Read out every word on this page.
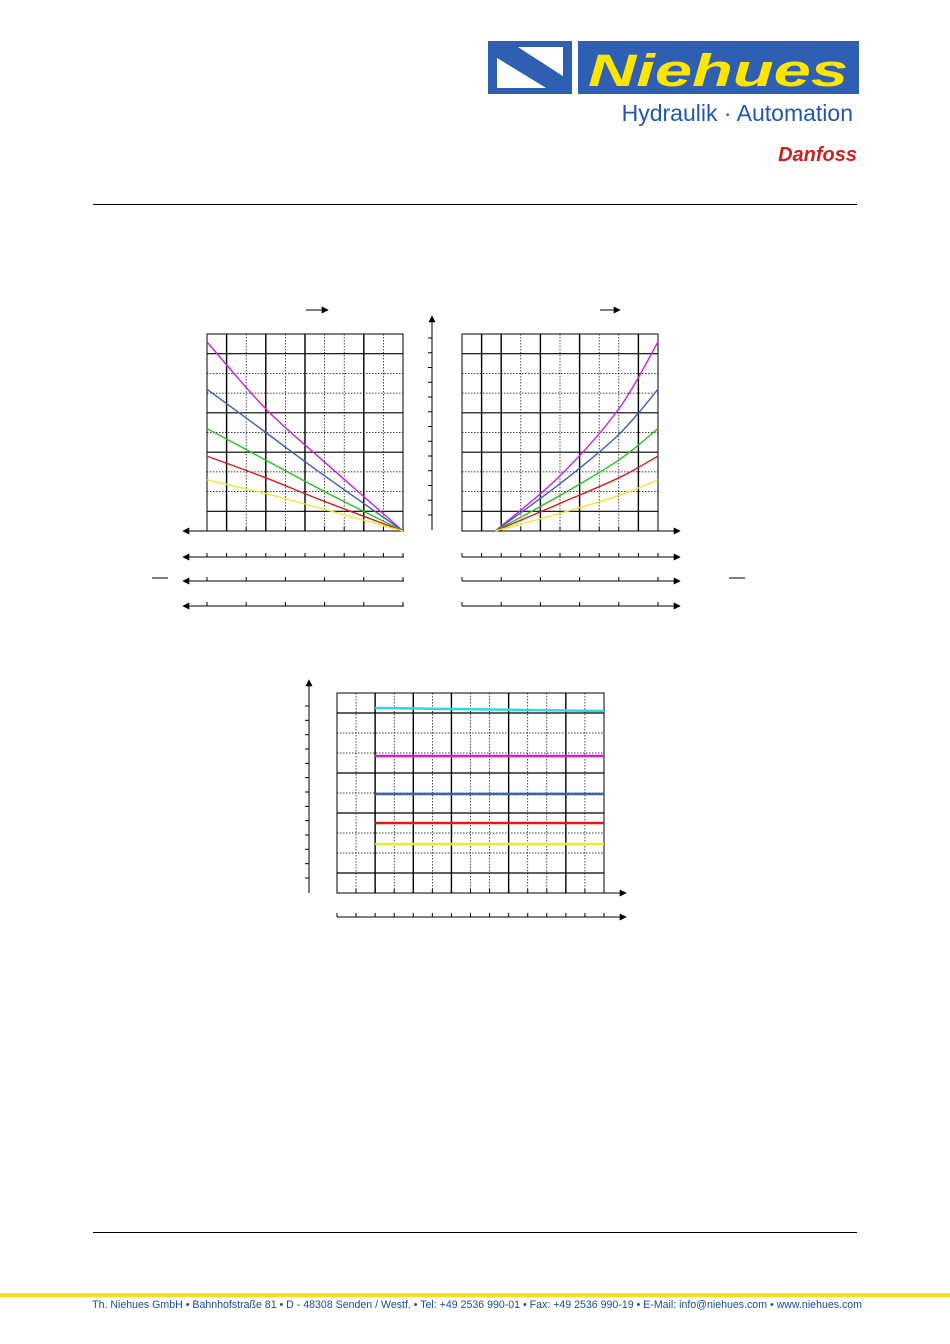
Niehues
Hydraulik · Automation
Danfoss
Th. Niehues GmbH • Bahnhofstraße 81 • D - 48308 Senden / Westf. • Tel: +49 2536 990-01 • Fax: +49 2536 990-19 • E-Mail: info@niehues.com • www.niehues.com
